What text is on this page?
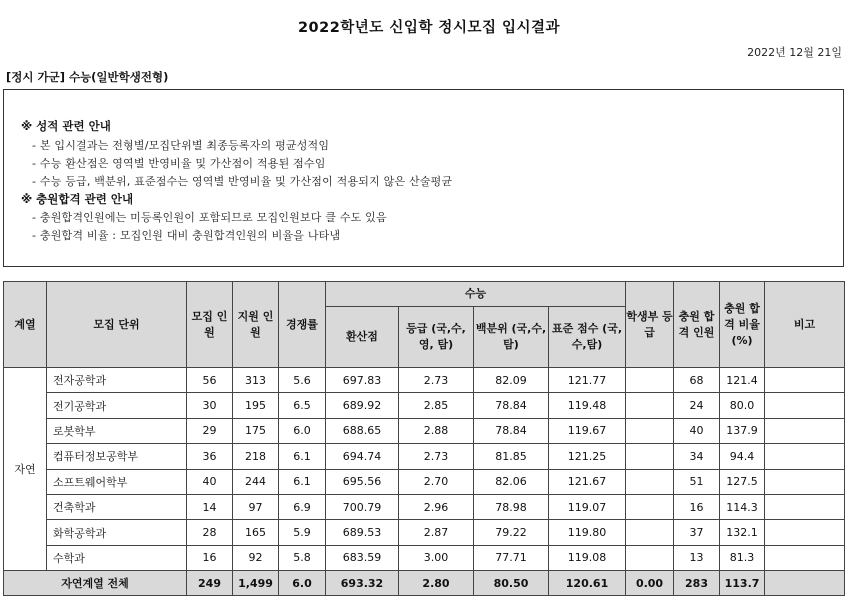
2022학년도 신입학 정시모집 입시결과
2022년 12월 21일
[정시 가군] 수능(일반학생전형)
※ 성적 관련 안내
- 본 입시결과는 전형별/모집단위별 최종등록자의 평균성적임
- 수능 환산점은 영역별 반영비율 및 가산점이 적용된 점수임
- 수능 등급, 백분위, 표준점수는 영역별 반영비율 및 가산점이 적용되지 않은 산술평균
※ 충원합격 관련 안내
- 충원합격인원에는 미등록인원이 포함되므로 모집인원보다 클 수도 있음
- 충원합격 비율 : 모집인원 대비 충원합격인원의 비율을 나타냄
계열	모집 단위	모집 인원	지원 인원	경쟁률	수능				학생부 등급	충원 합격 인원	충원 합격 비율 (%)	비고
					환산점	등급 (국,수,영, 탐)	백분위 (국,수,탐)	표준 점수 (국,수,탐)				
자연	전자공학과	56	313	5.6	697.83	2.73	82.09	121.77		68	121.4	
	전기공학과	30	195	6.5	689.92	2.85	78.84	119.48		24	80.0	
	로봇학부	29	175	6.0	688.65	2.88	78.84	119.67		40	137.9	
	컴퓨터정보공학부	36	218	6.1	694.74	2.73	81.85	121.25		34	94.4	
	소프트웨어학부	40	244	6.1	695.56	2.70	82.06	121.67		51	127.5	
	건축학과	14	97	6.9	700.79	2.96	78.98	119.07		16	114.3	
	화학공학과	28	165	5.9	689.53	2.87	79.22	119.80		37	132.1	
	수학과	16	92	5.8	683.59	3.00	77.71	119.08		13	81.3	
자연계열 전체		249	1,499	6.0	693.32	2.80	80.50	120.61	0.00	283	113.7	
